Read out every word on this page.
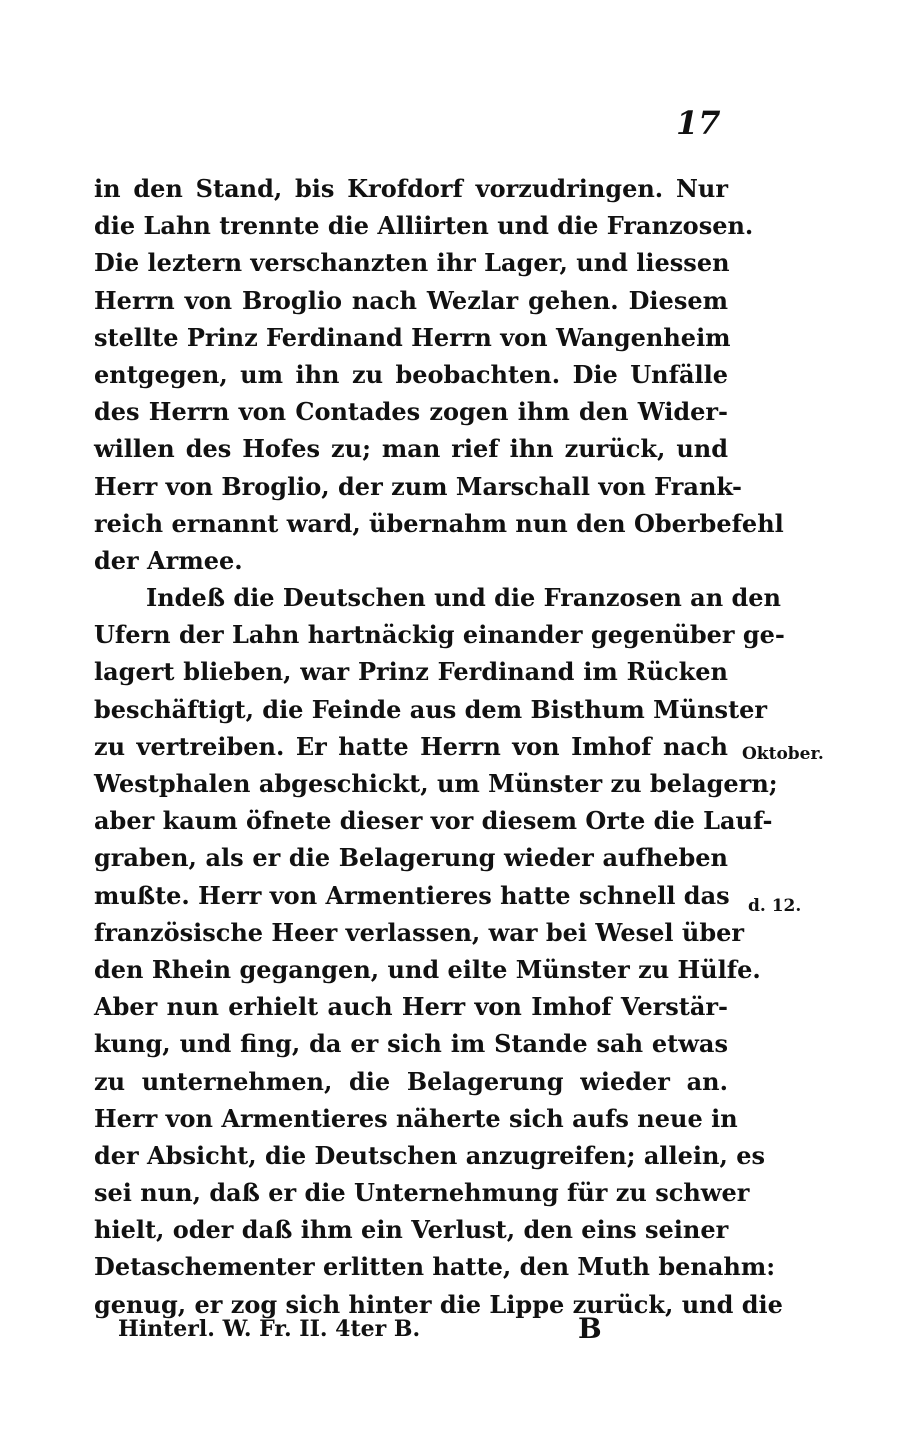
17
in den Stand, bis Krofdorf vorzudringen. Nur
die Lahn trennte die Alliirten und die Franzosen.
Die leztern verschanzten ihr Lager, und liessen
Herrn von Broglio nach Wezlar gehen. Diesem
stellte Prinz Ferdinand Herrn von Wangenheim
entgegen, um ihn zu beobachten. Die Unfälle
des Herrn von Contades zogen ihm den Wider-
willen des Hofes zu; man rief ihn zurück, und
Herr von Broglio, der zum Marschall von Frank-
reich ernannt ward, übernahm nun den Oberbefehl
der Armee.
Indeß die Deutschen und die Franzosen an den
Ufern der Lahn hartnäckig einander gegenüber ge-
lagert blieben, war Prinz Ferdinand im Rücken
beschäftigt, die Feinde aus dem Bisthum Münster
zu vertreiben. Er hatte Herrn von Imhof nach
Westphalen abgeschickt, um Münster zu belagern;
aber kaum öfnete dieser vor diesem Orte die Lauf-
graben, als er die Belagerung wieder aufheben
mußte. Herr von Armentieres hatte schnell das
französische Heer verlassen, war bei Wesel über
den Rhein gegangen, und eilte Münster zu Hülfe.
Aber nun erhielt auch Herr von Imhof Verstär-
kung, und fing, da er sich im Stande sah etwas
zu unternehmen, die Belagerung wieder an.
Herr von Armentieres näherte sich aufs neue in
der Absicht, die Deutschen anzugreifen; allein, es
sei nun, daß er die Unternehmung für zu schwer
hielt, oder daß ihm ein Verlust, den eins seiner
Detaschementer erlitten hatte, den Muth benahm:
genug, er zog sich hinter die Lippe zurück, und die
Oktober.
d. 12.
Hinterl. W. Fr. II. 4ter B.	B
